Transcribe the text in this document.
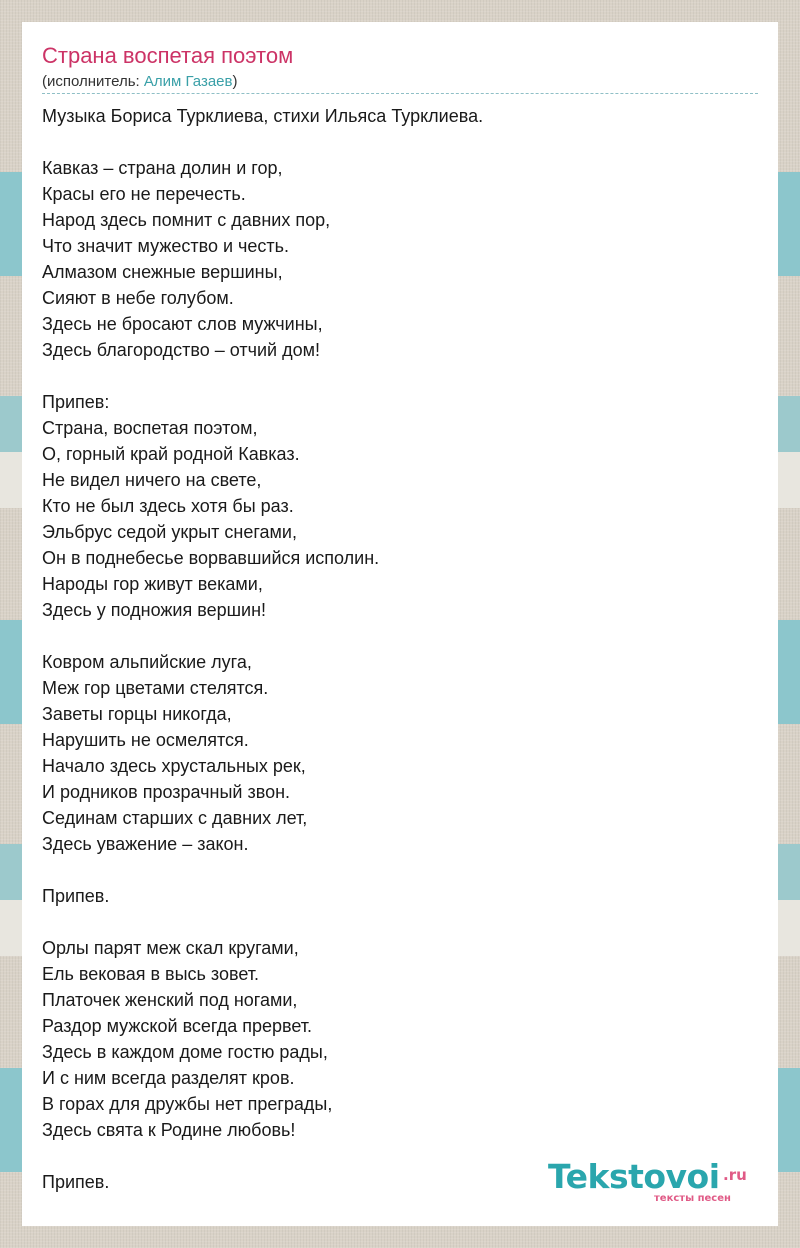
Страна воспетая поэтом
(исполнитель: Алим Газаев)
Музыка Бориса Турклиева, стихи Ильяса Турклиева.

Кавказ – страна долин и гор,
Красы его не перечесть.
Народ здесь помнит с давних пор,
Что значит мужество и честь.
Алмазом снежные вершины,
Сияют в небе голубом.
Здесь не бросают слов мужчины,
Здесь благородство – отчий дом!

Припев:
Страна, воспетая поэтом,
О, горный край родной Кавказ.
Не видел ничего на свете,
Кто не был здесь хотя бы раз.
Эльбрус седой укрыт снегами,
Он в поднебесье ворвавшийся исполин.
Народы гор живут веками,
Здесь у подножия вершин!

Ковром альпийские луга,
Меж гор цветами стелятся.
Заветы горцы никогда,
Нарушить не осмелятся.
Начало здесь хрустальных рек,
И родников прозрачный звон.
Сединам старших с давних лет,
Здесь уважение – закон.

Припев.

Орлы парят меж скал кругами,
Ель вековая в высь зовет.
Платочек женский под ногами,
Раздор мужской всегда прервет.
Здесь в каждом доме гостю рады,
И с ним всегда разделят кров.
В горах для дружбы нет преграды,
Здесь свята к Родине любовь!

Припев.	Tekstovoi .ru
тексты песен
